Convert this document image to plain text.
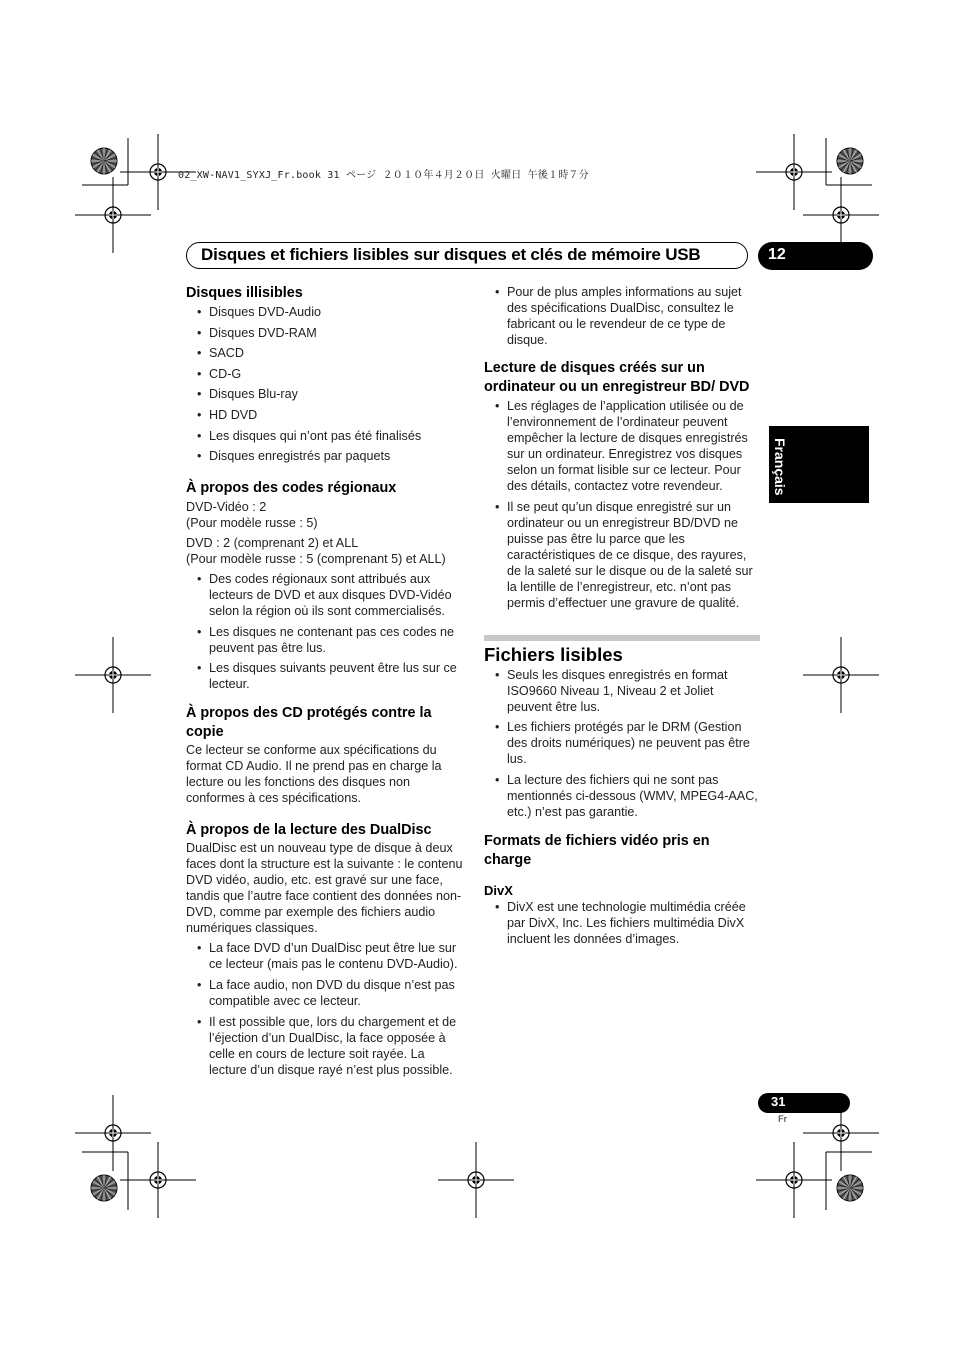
02_XW-NAV1_SYXJ_Fr.book 31 ページ ２０１０年４月２０日 火曜日 午後１時７分
Disques et fichiers lisibles sur disques et clés de mémoire USB	12
Français
Disques illisibles
• Disques DVD-Audio
• Disques DVD-RAM
• SACD
• CD-G
• Disques Blu-ray
• HD DVD
• Les disques qui n’ont pas été finalisés
• Disques enregistrés par paquets
À propos des codes régionaux

DVD-Vidéo : 2

(Pour modèle russe : 5)

DVD : 2 (comprenant 2) et ALL

(Pour modèle russe : 5 (comprenant 5) et ALL)

• Des codes régionaux sont attribués aux lecteurs de DVD et aux disques DVD-Vidéo selon la région où ils sont commercialisés.
• Les disques ne contenant pas ces codes ne peuvent pas être lus.
• Les disques suivants peuvent être lus sur ce lecteur.
À propos des CD protégés contre la copie

Ce lecteur se conforme aux spécifications du format CD Audio. Il ne prend pas en charge la lecture ou les fonctions des disques non conformes à ces spécifications.

À propos de la lecture des DualDisc

DualDisc est un nouveau type de disque à deux faces dont la structure est la suivante : le contenu DVD vidéo, audio, etc. est gravé sur une face, tandis que l’autre face contient des données non-DVD, comme par exemple des fichiers audio numériques classiques.

• La face DVD d’un DualDisc peut être lue sur ce lecteur (mais pas le contenu DVD-Audio).
• La face audio, non DVD du disque n’est pas compatible avec ce lecteur.
• Il est possible que, lors du chargement et de l’éjection d’un DualDisc, la face opposée à celle en cours de lecture soit rayée. La lecture d’un disque rayé n’est plus possible.
• Pour de plus amples informations au sujet des spécifications DualDisc, consultez le fabricant ou le revendeur de ce type de disque.
Lecture de disques créés sur un ordinateur ou un enregistreur BD/ DVD
• Les réglages de l’application utilisée ou de l’environnement de l’ordinateur peuvent empêcher la lecture de disques enregistrés sur un ordinateur. Enregistrez vos disques selon un format lisible sur ce lecteur. Pour des détails, contactez votre revendeur.
• Il se peut qu’un disque enregistré sur un ordinateur ou un enregistreur BD/DVD ne puisse pas être lu parce que les caractéristiques de ce disque, des rayures, de la saleté sur le disque ou de la saleté sur la lentille de l’enregistreur, etc. n’ont pas permis d’effectuer une gravure de qualité.
Fichiers lisibles
• Seuls les disques enregistrés en format ISO9660 Niveau 1, Niveau 2 et Joliet peuvent être lus.
• Les fichiers protégés par le DRM (Gestion des droits numériques) ne peuvent pas être lus.
• La lecture des fichiers qui ne sont pas mentionnés ci-dessous (WMV, MPEG4-AAC, etc.) n’est pas garantie.
Formats de fichiers vidéo pris en charge
DivX
• DivX est une technologie multimédia créée par DivX, Inc. Les fichiers multimédia DivX incluent les données d’images.
31
Fr
